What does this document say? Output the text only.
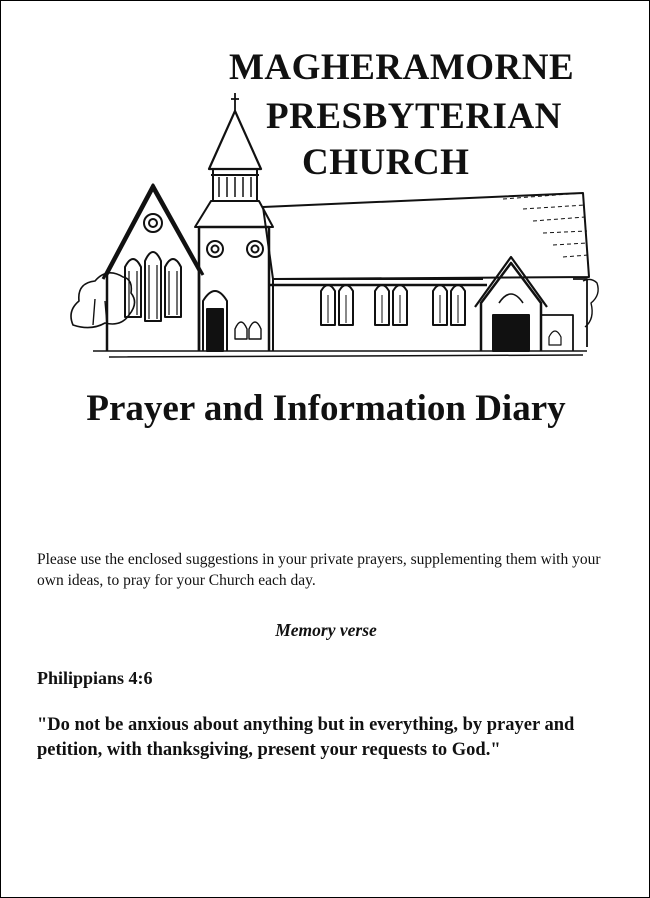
MAGHERAMORNE
PRESBYTERIAN
CHURCH
Prayer and Information Diary

Please use the enclosed suggestions in your private prayers, supplementing them with your own ideas, to pray for your Church each day.

Memory verse
Philippians 4:6

"Do not be anxious about anything but in everything, by prayer and petition, with thanksgiving, present your requests to God."
